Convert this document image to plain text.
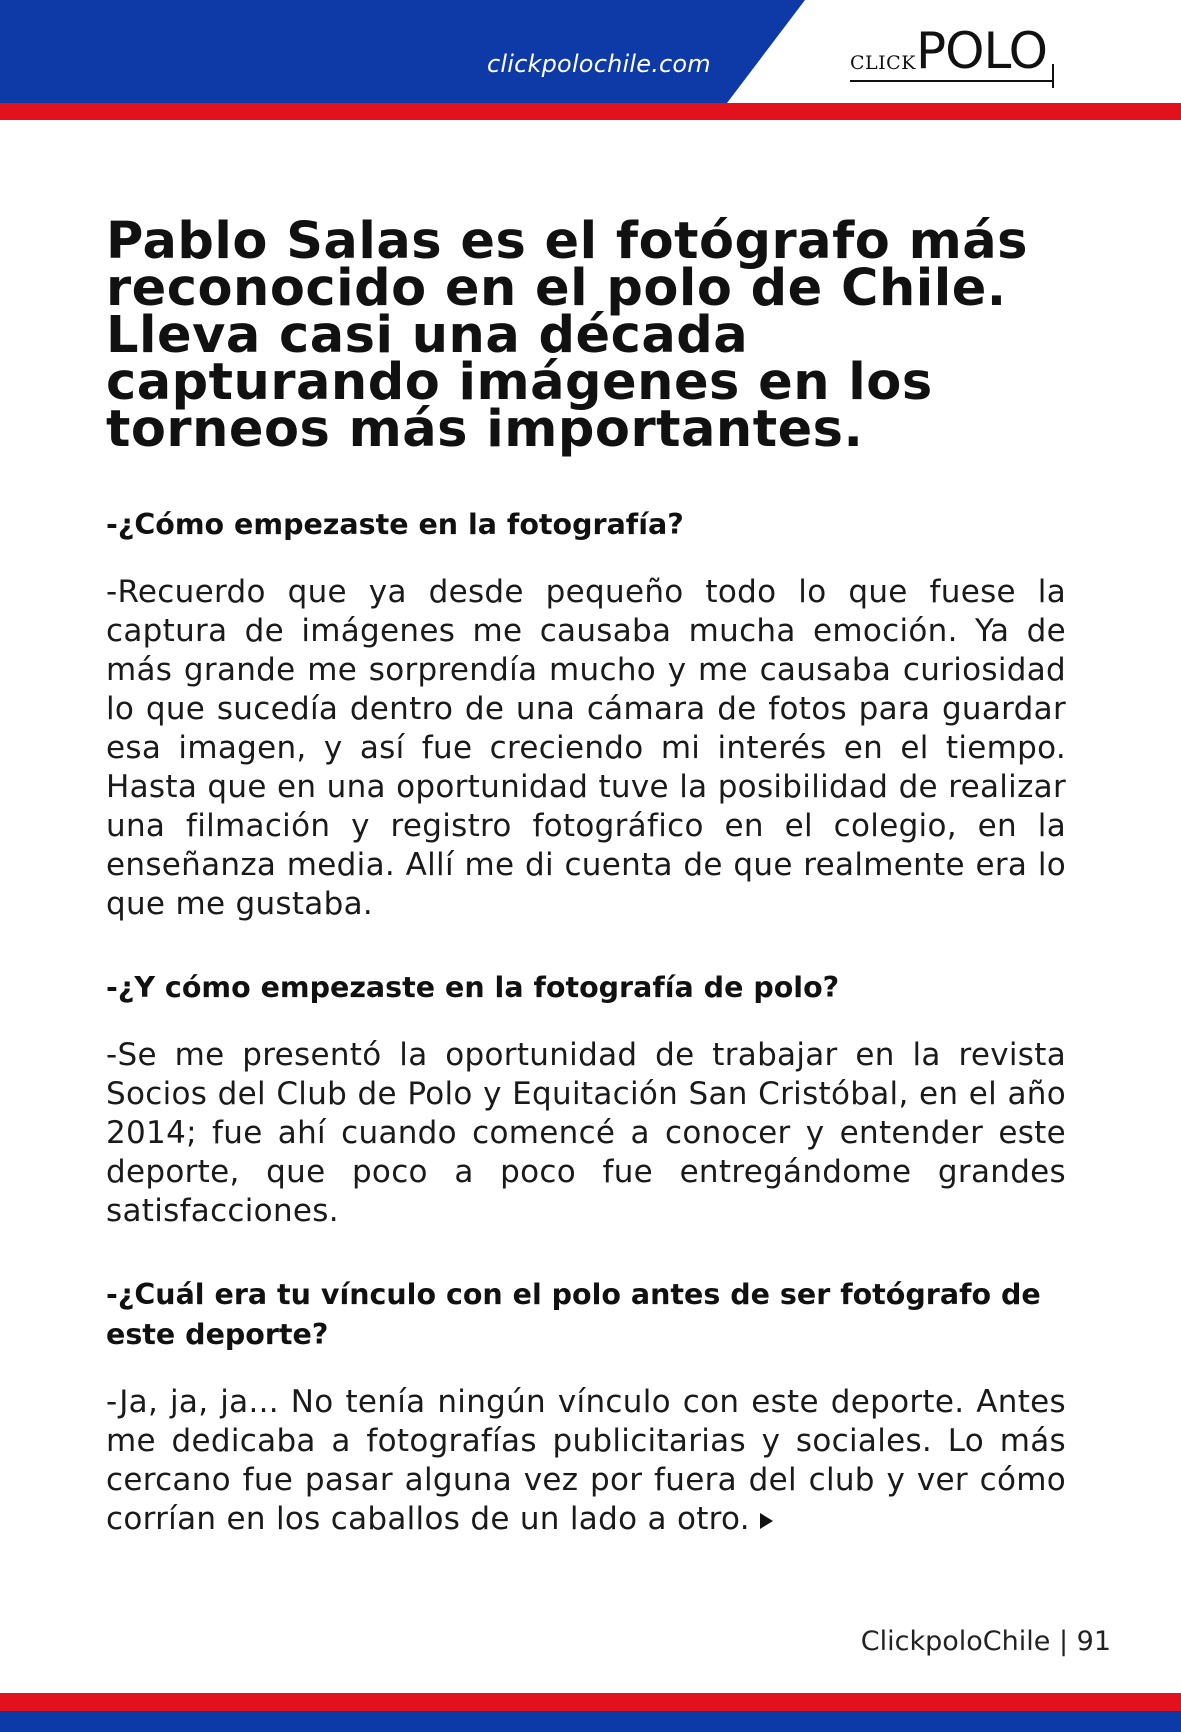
clickpolochile.com	CLICK POLO
Pablo Salas es el fotógrafo más reconocido en el polo de Chile. Lleva casi una década capturando imágenes en los torneos más importantes.

-¿Cómo empezaste en la fotografía?

-Recuerdo que ya desde pequeño todo lo que fuese la captura de imágenes me causaba mucha emoción. Ya de más grande me sorprendía mucho y me causaba curiosidad lo que sucedía dentro de una cámara de fotos para guardar esa imagen, y así fue creciendo mi interés en el tiempo. Hasta que en una oportunidad tuve la posibilidad de realizar una filmación y registro fotográfico en el colegio, en la enseñanza media. Allí me di cuenta de que realmente era lo que me gustaba.

-¿Y cómo empezaste en la fotografía de polo?

-Se me presentó la oportunidad de trabajar en la revista Socios del Club de Polo y Equitación San Cristóbal, en el año 2014; fue ahí cuando comencé a conocer y entender este deporte, que poco a poco fue entregándome grandes satisfacciones.

-¿Cuál era tu vínculo con el polo antes de ser fotógrafo de este deporte?

-Ja, ja, ja... No tenía ningún vínculo con este deporte. Antes me dedicaba a fotografías publicitarias y sociales. Lo más cercano fue pasar alguna vez por fuera del club y ver cómo corrían en los caballos de un lado a otro.

ClickpoloChile | 91
